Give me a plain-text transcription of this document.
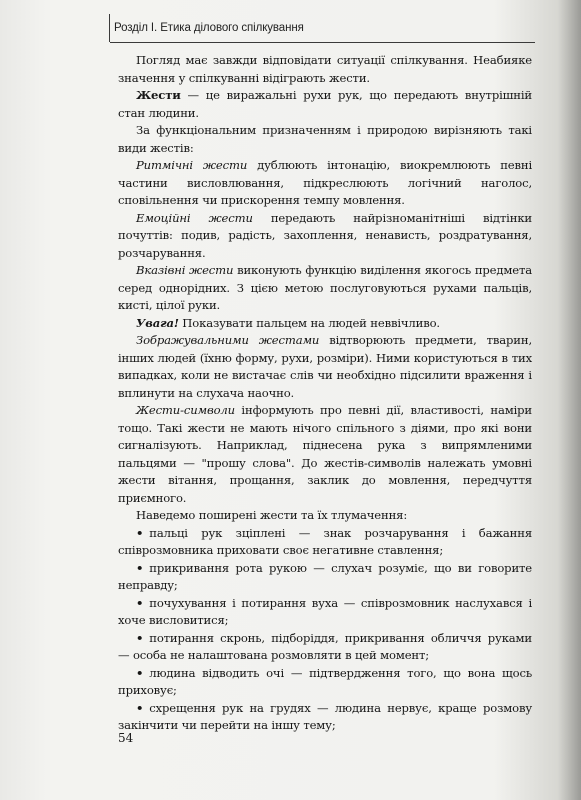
Розділ І. Етика ділового спілкування

Погляд має завжди відповідати ситуації спілкування. Неабияке значення у спілкуванні відіграють жести.

Жести — це виражальні рухи рук, що передають внутрішній стан людини.

За функціональним призначенням і природою вирізняють такі види жестів:

Ритмічні жести дублюють інтонацію, виокремлюють певні частини висловлювання, підкреслюють логічний наголос, сповільнення чи прискорення темпу мовлення.

Емоційні жести передають найрізноманітніші відтінки почуттів: подив, радість, захоплення, ненависть, роздратування, розчарування.

Вказівні жести виконують функцію виділення якогось предмета серед однорідних. З цією метою послуговуються рухами пальців, кисті, цілої руки.

Увага! Показувати пальцем на людей неввічливо.

Зображувальними жестами відтворюють предмети, тварин, інших людей (їхню форму, рухи, розміри). Ними користуються в тих випадках, коли не вистачає слів чи необхідно підсилити враження і вплинути на слухача наочно.

Жести-символи інформують про певні дії, властивості, наміри тощо. Такі жести не мають нічого спільного з діями, про які вони сигналізують. Наприклад, піднесена рука з випрямленими пальцями — "прошу слова". До жестів-символів належать умовні жести вітання, прощання, заклик до мовлення, передчуття приємного.

Наведемо поширені жести та їх тлумачення:

• пальці рук зціплені — знак розчарування і бажання співрозмовника приховати своє негативне ставлення;

• прикривання рота рукою — слухач розуміє, що ви говорите неправду;

• почухування і потирання вуха — співрозмовник наслухався і хоче висловитися;

• потирання скронь, підборіддя, прикривання обличчя руками — особа не налаштована розмовляти в цей момент;

• людина відводить очі — підтвердження того, що вона щось приховує;

• схрещення рук на грудях — людина нервує, краще розмову закінчити чи перейти на іншу тему;

54
